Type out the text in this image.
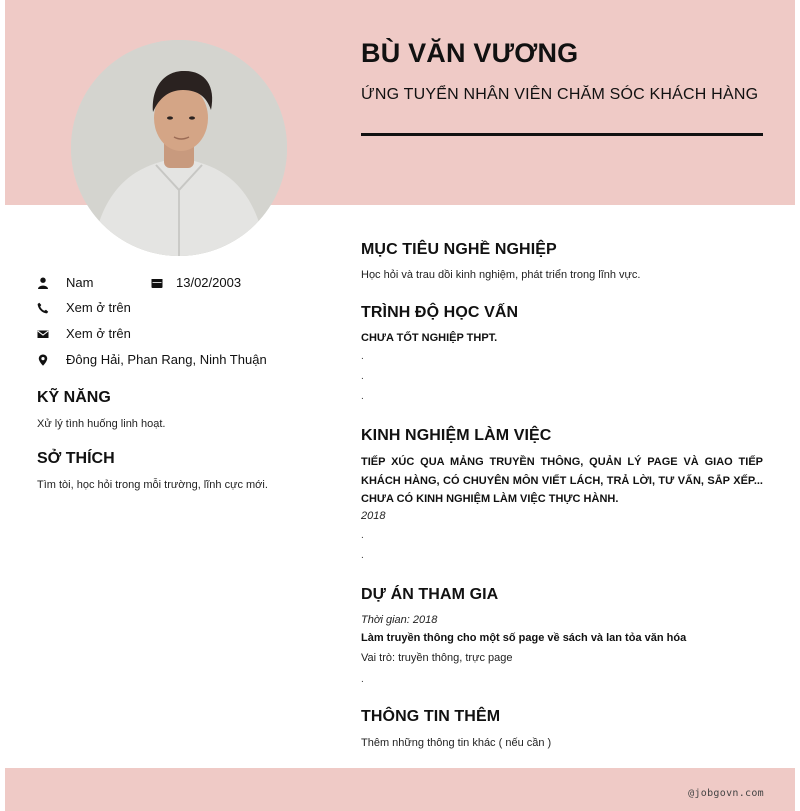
BÙ VĂN VƯƠNG
ỨNG TUYỂN NHÂN VIÊN CHĂM SÓC KHÁCH HÀNG
Nam	13/02/2003
Xem ở trên
Xem ở trên
Đông Hải, Phan Rang, Ninh Thuận
KỸ NĂNG
Xử lý tình huống linh hoạt.
SỞ THÍCH
Tìm tòi, học hỏi trong mỗi trường, lĩnh cực mới.
MỤC TIÊU NGHỀ NGHIỆP
Học hỏi và trau dồi kinh nghiệm, phát triển trong lĩnh vực.
TRÌNH ĐỘ HỌC VẤN
CHƯA TỐT NGHIỆP THPT.
.
.
.
KINH NGHIỆM LÀM VIỆC
TIẾP XÚC QUA MẢNG TRUYỀN THÔNG, QUẢN LÝ PAGE VÀ GIAO TIẾP KHÁCH HÀNG, CÓ CHUYÊN MÔN VIẾT LÁCH, TRẢ LỜI, TƯ VẤN, SẮP XẾP... CHƯA CÓ KINH NGHIỆM LÀM VIỆC THỰC HÀNH.
2018
.
.
DỰ ÁN THAM GIA
Thời gian: 2018
Làm truyền thông cho một số page về sách và lan tỏa văn hóa
Vai trò: truyền thông, trực page
.
THÔNG TIN THÊM
Thêm những thông tin khác ( nếu cần )
@jobgovn.com
